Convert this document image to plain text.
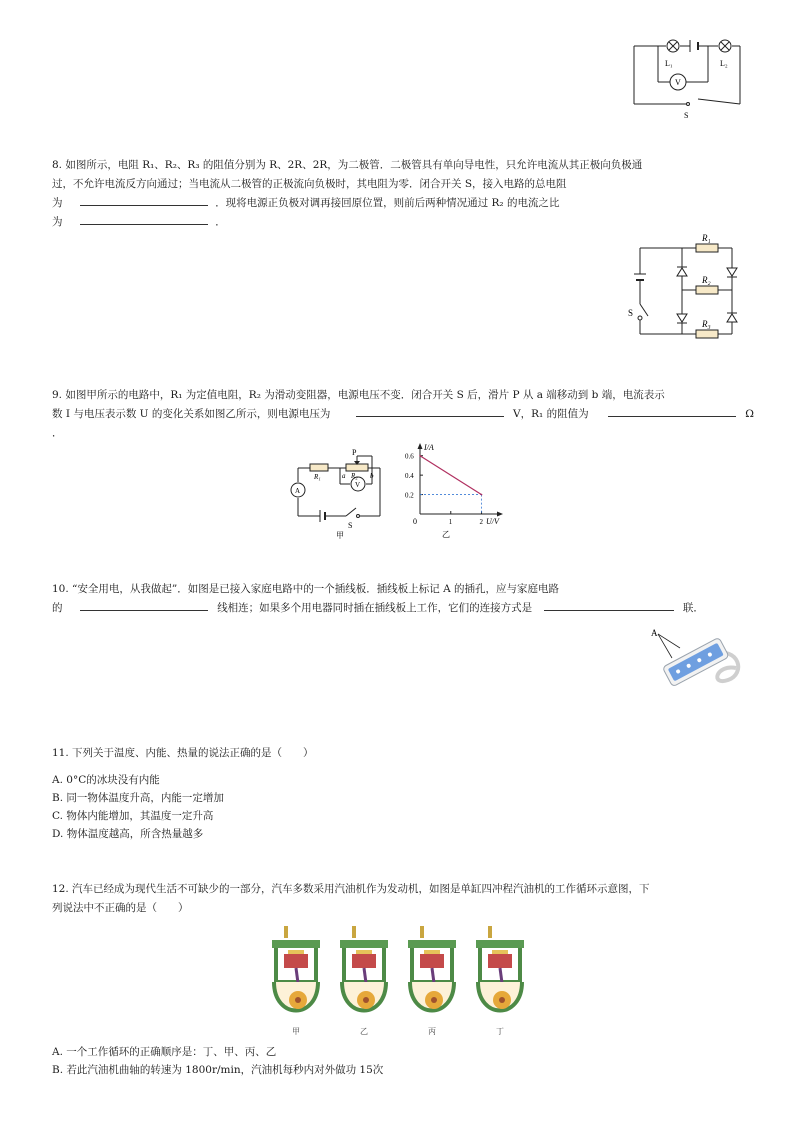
L₁	L₂
V
S
8. 如图所示，电阻 R₁、R₂、R₃ 的阻值分别为 R、2R、2R，为二极管．二极管具有单向导电性，只允许电流从其正极向负极通
过，不允许电流反方向通过；当电流从二极管的正极流向负极时，其电阻为零．闭合开关 S，接入电路的总电阻
为	．现将电源正负极对调再接回原位置，则前后两种情况通过 R₂ 的电流之比
为	．
R₁
R₂
R₃
S
9. 如图甲所示的电路中，R₁ 为定值电阻，R₂ 为滑动变阻器，电源电压不变．闭合开关 S 后，滑片 P 从 a 端移动到 b 端，电流表示
数 I 与电压表示数 U 的变化关系如图乙所示，则电源电压为	V，R₁ 的阻值为	Ω
．
P
R₁	R₂
a	b
A
V
S
甲
I/A
U/V
0
0.2
0.4
0.6
1	2
乙
10. “安全用电，从我做起”．如图是已接入家庭电路中的一个插线板．插线板上标记 A 的插孔，应与家庭电路
的	线相连；如果多个用电器同时插在插线板上工作，它们的连接方式是	联．
A
11. 下列关于温度、内能、热量的说法正确的是（　　）
A. 0°C的冰块没有内能
B. 同一物体温度升高，内能一定增加
C. 物体内能增加，其温度一定升高
D. 物体温度越高，所含热量越多
12. 汽车已经成为现代生活不可缺少的一部分，汽车多数采用汽油机作为发动机，如图是单缸四冲程汽油机的工作循环示意图，下
列说法中不正确的是（　　）
甲	乙	丙	丁
A. 一个工作循环的正确顺序是：丁、甲、丙、乙
B. 若此汽油机曲轴的转速为 1800r/min，汽油机每秒内对外做功 15次
